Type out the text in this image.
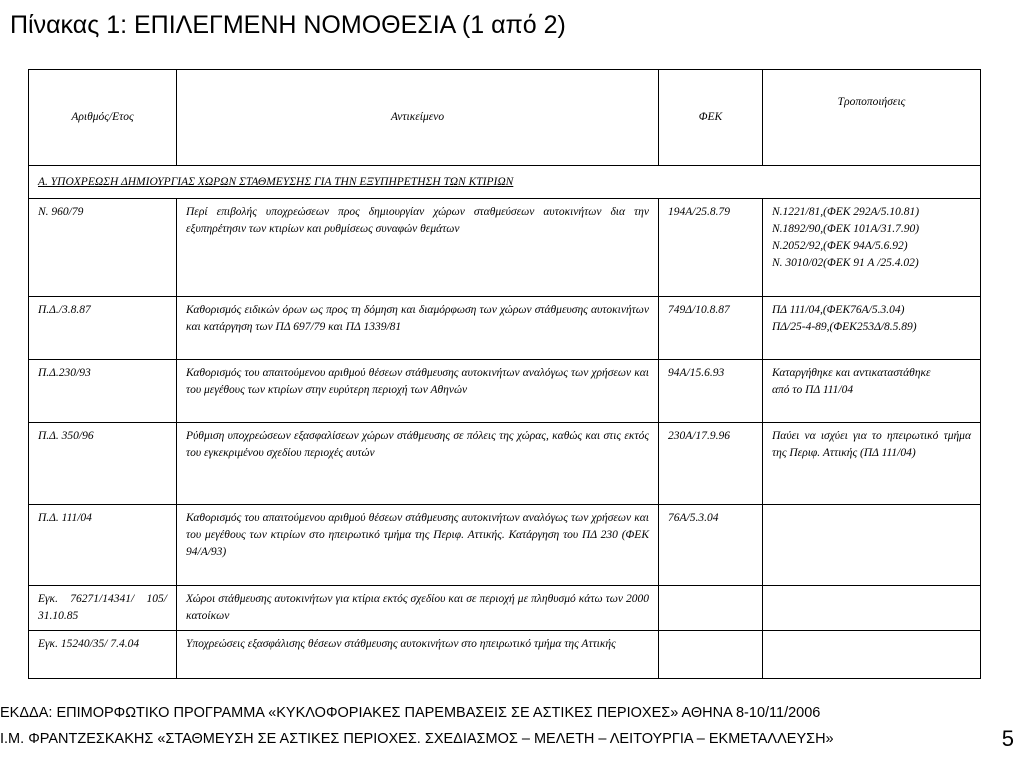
Πίνακας 1: ΕΠΙΛΕΓΜΕΝΗ ΝΟΜΟΘΕΣΙΑ (1 από 2)
Αριθμός/Ετος	Αντικείμενο	ΦΕΚ	Τροποποιήσεις
Α. ΥΠΟΧΡΕΩΣΗ ΔΗΜΙΟΥΡΓΙΑΣ ΧΩΡΩΝ ΣΤΑΘΜΕΥΣΗΣ ΓΙΑ ΤΗΝ ΕΞΥΠΗΡΕΤΗΣΗ ΤΩΝ ΚΤΙΡΙΩΝ			
Ν. 960/79	Περί επιβολής υποχρεώσεων προς δημιουργίαν χώρων σταθμεύσεων αυτοκινήτων δια την εξυπηρέτησιν των κτιρίων και ρυθμίσεως συναφών θεμάτων	194Α/25.8.79	Ν.1221/81,(ΦΕΚ 292Α/5.10.81)
Ν.1892/90,(ΦΕΚ 101Α/31.7.90)
Ν.2052/92,(ΦΕΚ 94Α/5.6.92)
Ν. 3010/02(ΦΕΚ 91 Α /25.4.02)

Π.Δ./3.8.87	Καθορισμός ειδικών όρων ως προς τη δόμηση και διαμόρφωση των χώρων στάθμευσης αυτοκινήτων και κατάργηση των ΠΔ 697/79 και ΠΔ 1339/81	749Δ/10.8.87	ΠΔ 111/04,(ΦΕΚ76Α/5.3.04)
ΠΔ/25-4-89,(ΦΕΚ253Δ/8.5.89)

Π.Δ.230/93	Καθορισμός του απαιτούμενου αριθμού θέσεων στάθμευσης αυτοκινήτων αναλόγως των χρήσεων και του μεγέθους των κτιρίων στην ευρύτερη περιοχή των Αθηνών	94Α/15.6.93	Καταργήθηκε και αντικαταστάθηκε
από το ΠΔ 111/04

Π.Δ. 350/96	Ρύθμιση υποχρεώσεων εξασφαλίσεων χώρων στάθμευσης σε πόλεις της χώρας, καθώς και στις εκτός του εγκεκριμένου σχεδίου περιοχές αυτών	230Α/17.9.96	Παύει να ισχύει για το ηπειρωτικό τμήμα της Περιφ. Αττικής (ΠΔ 111/04)
Π.Δ. 111/04	Καθορισμός του απαιτούμενου αριθμού θέσεων στάθμευσης αυτοκινήτων αναλόγως των χρήσεων και του μεγέθους των κτιρίων στο ηπειρωτικό τμήμα της Περιφ. Αττικής. Κατάργηση του ΠΔ 230 (ΦΕΚ 94/Α/93)	76Α/5.3.04	
Εγκ. 76271/14341/ 105/ 31.10.85	Χώροι στάθμευσης αυτοκινήτων για κτίρια εκτός σχεδίου και σε περιοχή με πληθυσμό κάτω των 2000 κατοίκων		
Εγκ. 15240/35/ 7.4.04	Υποχρεώσεις εξασφάλισης θέσεων στάθμευσης αυτοκινήτων στο ηπειρωτικό τμήμα της Αττικής		
ΕΚΔΔΑ: ΕΠΙΜΟΡΦΩΤΙΚΟ ΠΡΟΓΡΑΜΜΑ «ΚΥΚΛΟΦΟΡΙΑΚΕΣ ΠΑΡΕΜΒΑΣΕΙΣ ΣΕ ΑΣΤΙΚΕΣ ΠΕΡΙΟΧΕΣ» ΑΘΗΝΑ 8-10/11/2006
Ι.Μ. ΦΡΑΝΤΖΕΣΚΑΚΗΣ «ΣΤΑΘΜΕΥΣΗ ΣΕ ΑΣΤΙΚΕΣ ΠΕΡΙΟΧΕΣ. ΣΧΕΔΙΑΣΜΟΣ – ΜΕΛΕΤΗ – ΛΕΙΤΟΥΡΓΙΑ – ΕΚΜΕΤΑΛΛΕΥΣΗ»	5
